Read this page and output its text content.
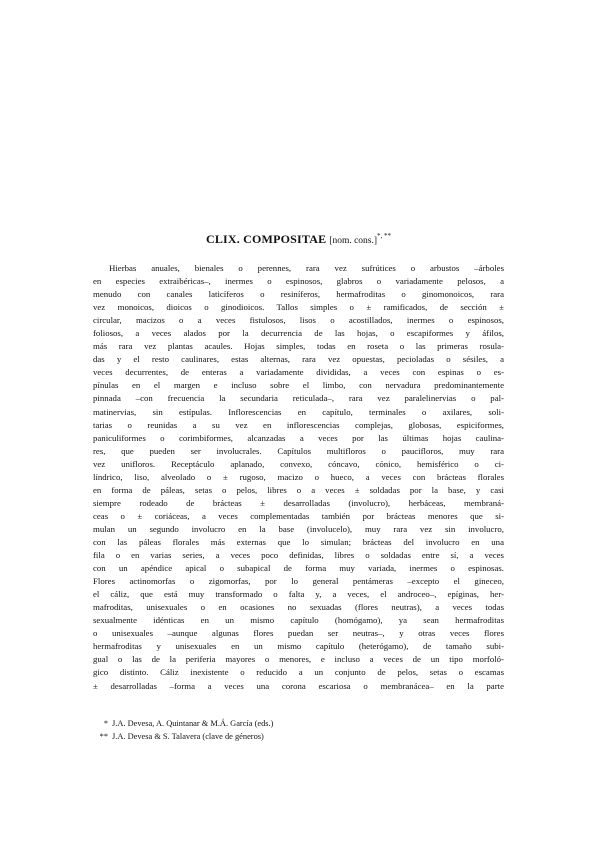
CLIX. COMPOSITAE [nom. cons.]*, **

Hierbas anuales, bienales o perennes, rara vez sufrútices o arbustos –árboles
en especies extraibéricas–, inermes o espinosos, glabros o variadamente pelosos, a
menudo con canales laticíferos o resiníferos, hermafroditas o ginomonoicos, rara
vez monoicos, dioicos o ginodioicos. Tallos simples o ± ramificados, de sección ±
circular, macizos o a veces fistulosos, lisos o acostillados, inermes o espinosos,
foliosos, a veces alados por la decurrencia de las hojas, o escapiformes y áfilos,
más rara vez plantas acaules. Hojas simples, todas en roseta o las primeras rosula-
das y el resto caulinares, estas alternas, rara vez opuestas, pecioladas o sésiles, a
veces decurrentes, de enteras a variadamente divididas, a veces con espinas o es-
pínulas en el margen e incluso sobre el limbo, con nervadura predominantemente
pinnada –con frecuencia la secundaria reticulada–, rara vez paralelinervias o pal-
matinervias, sin estípulas. Inflorescencias en capítulo, terminales o axilares, soli-
tarias o reunidas a su vez en inflorescencias complejas, globosas, espiciformes,
paniculiformes o corimbiformes, alcanzadas a veces por las últimas hojas caulina-
res, que pueden ser involucrales. Capítulos multifloros o paucifloros, muy rara
vez unifloros. Receptáculo aplanado, convexo, cóncavo, cónico, hemisférico o ci-
líndrico, liso, alveolado o ± rugoso, macizo o hueco, a veces con brácteas florales
en forma de páleas, setas o pelos, libres o a veces ± soldadas por la base, y casi
siempre rodeado de brácteas ± desarrolladas (involucro), herbáceas, membraná-
ceas o ± coriáceas, a veces complementadas también por brácteas menores que si-
mulan un segundo involucro en la base (involucelo), muy rara vez sin involucro,
con las páleas florales más externas que lo simulan; brácteas del involucro en una
fila o en varias series, a veces poco definidas, libres o soldadas entre sí, a veces
con un apéndice apical o subapical de forma muy variada, inermes o espinosas.
Flores actinomorfas o zigomorfas, por lo general pentámeras –excepto el gineceo,
el cáliz, que está muy transformado o falta y, a veces, el androceo–, epíginas, her-
mafroditas, unisexuales o en ocasiones no sexuadas (flores neutras), a veces todas
sexualmente idénticas en un mismo capítulo (homógamo), ya sean hermafroditas
o unisexuales –aunque algunas flores puedan ser neutras–, y otras veces flores
hermafroditas y unisexuales en un mismo capítulo (heterógamo), de tamaño subi-
gual o las de la periferia mayores o menores, e incluso a veces de un tipo morfoló-
gico distinto. Cáliz inexistente o reducido a un conjunto de pelos, setas o escamas
± desarrolladas –forma a veces una corona escariosa o membranácea– en la parte

* J.A. Devesa, A. Quintanar & M.Á. García (eds.)
** J.A. Devesa & S. Talavera (clave de géneros)
